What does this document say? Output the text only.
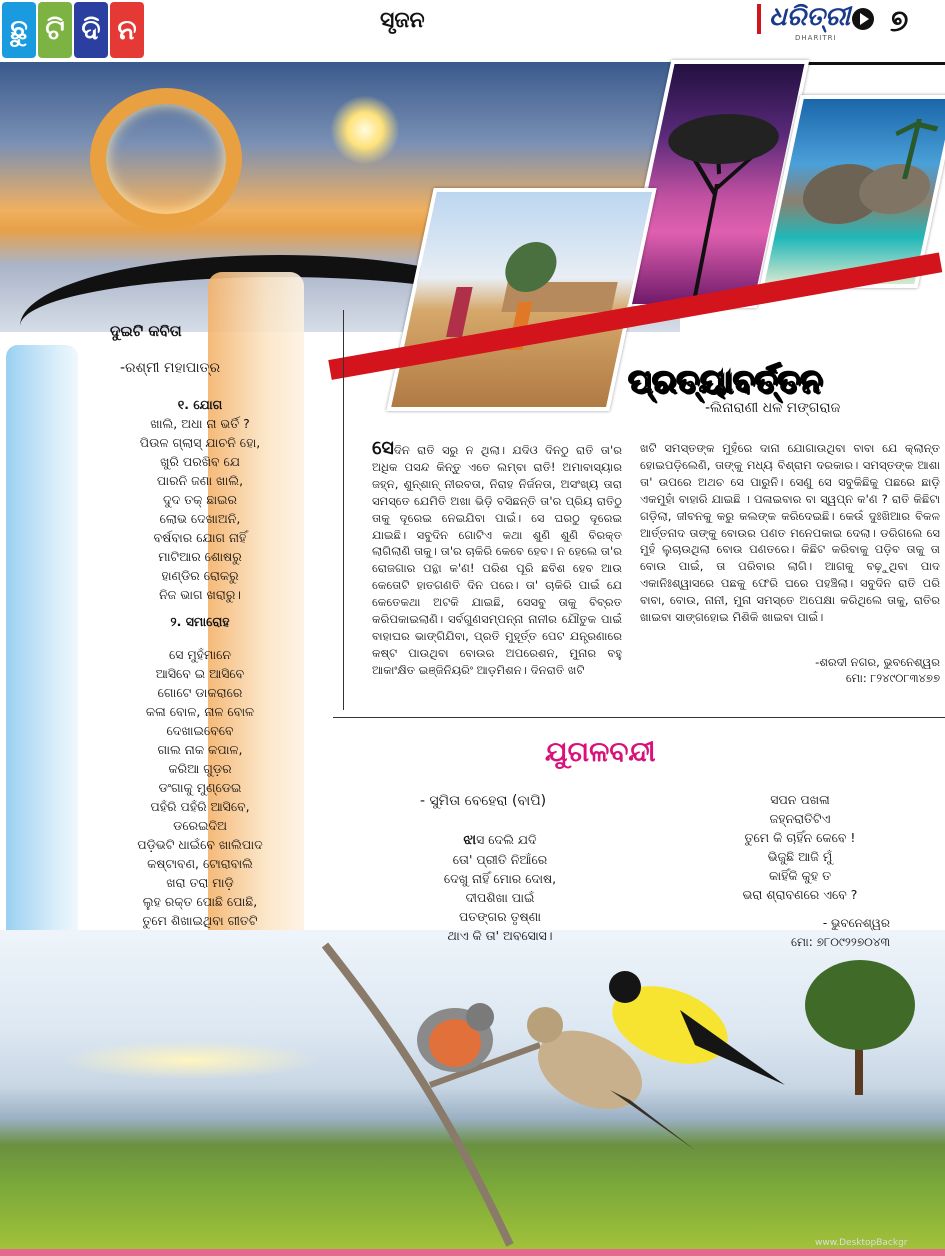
ଛୁ ଟି ଦି ନ	ସୃଜନ	ଧରିତ୍ରୀ
DHARITRI ୭
ଦୁଇଟି କବିତା
-ରଶ୍ମୀ ମହାପାତ୍ର
୧. ଯୋଗ
ଖାଲି, ଅଧା ନା ଭର୍ତି ?
ପିଉଳ ଗ୍ଲାସ୍ ଯାଚନି ହୋ,
ଖୁରି ପରଖିବ ଯେ
ପାରନି ଜଣା ଖାଲି,
ଦୁଦ ତକ୍ ଛାଇର
ଲୋଭ ଦେଖାଅନି,
ବର୍ଷବାର ଯୋଗ ନାହିଁ
ମାଟିଆର ଶୋଷରୁ
ହାଣ୍ଡିର ରୋକରୁ
ନିଜ ଭାଗ ଖରାରୁ।
୨. ସମାରୋହ
ସେ ମୁହଁମାନେ
ଆସିବେ ଇ ଆସିବେ
ଗୋଟେ ଡାକରାରେ
କଳା ବୋଳ, ନାଳ ବୋଳ
ଦେଖାଇବେବେ
ଗାଲ ନାକ କପାଳ,
କରିଆ ଗୁଡ଼ର
ଡଂଗାକୁ ମୁଣ୍ଡେଇ
ପହଁରି ପହଁରି ଆସିବେ,
ଡରେଇଦିଅ
ପଡ଼ିଭଟି ଧାଇଁବେ ଖାଲିପାଦ
କଷ୍ଟାବଣ, ଟୋରାବାଲି
ଖରା ତରା ମାଡ଼ି
ଲୁହ ରକ୍ତ ପୋଛି ପୋଛି,
ତୁମେ ଶିଖାଇଥିବା ଗୀତଟି
ପ୍ରତ୍ୟାବର୍ତ୍ତନ
-ଲିନାରାଣୀ ଧଳ ମଙ୍ଗରାଜ
ସେଦିନ ରାତି ସରୁ ନ ଥିଲା। ଯଦିଓ ଦିନଠୁ ରାତି ତା'ର ଅଧିକ ପସନ୍ଦ କିନ୍ତୁ ଏତେ ଲମ୍ବା ରାତି! ଅମାବାସ୍ୟାର ଜହ୍ନ, ଶୁନ୍‌ଶାନ୍ ନୀରବତା, ନିରାହ ନିର୍ଜନତା, ଅସଂଖ୍ୟ ତାରା ସମସ୍ତେ ଯେମିତି ଅଖା ଭିଡ଼ି ବସିଛନ୍ତି ତା'ର ପ୍ରିୟ ରାତିଠୁ ତାକୁ ଦୂରେଇ ନେଇଯିବା ପାଇଁ। ସେ ଘରଠୁ ଦୂରେଇ ଯାଇଛି। ସବୁଦିନ ଗୋଟିଏ କଥା ଶୁଣି ଶୁଣି ବିରକ୍ତ ଲାଗିଲାଣି ତାକୁ। ତା'ର ଚାକିରି କେବେ ହେବ। ନ ହେଲେ ତା'ର ରୋଜଗାର ପନ୍ଥା କ'ଣ! ପରିଶ ପୂରି ଛବିଶ ହେବ ଆଉ କେତୋଟି ହାତଗଣତି ଦିନ ପରେ। ତା' ଚାକିରି ପାଇଁ ଯେ କେତେକଥା ଅଟକି ଯାଇଛି, ସେସବୁ ତାକୁ ବିବ୍ରତ କରିପକାଇଲାଣି। ସର୍ବଗୁଣସମ୍ପନ୍ନା ନାନୀର ଯୌତୁକ ପାଇଁ ବାହାଘର ଭାଙ୍ଗିଯିବା, ପ୍ରତି ମୁହୂର୍ତ୍ତ ପେଟ ଯନ୍ତ୍ରଣାରେ କଷ୍ଟ ପାଉଥିବା ବୋଉର ଅପରେଶନ, ମୁନାର ବହୁ ଆକାଂକ୍ଷିତ ଇଞ୍ଜିନିୟରିଂ ଆଡ଼ମିଶନ। ଦିନରାତି ଖଟି
ଖଟି ସମସ୍ତଙ୍କ ମୁହଁରେ ଦାନା ଯୋଗାଉଥିବା ବାବା ଯେ କ୍ଲାନ୍ତ ହୋଇପଡ଼ିଲେଣି, ତାଙ୍କୁ ମଧ୍ୟ ବିଶ୍ରାମ ଦରକାର। ସମସ୍ତଙ୍କ ଆଶା ତା' ଉପରେ ଅଥଚ ସେ ପାରୁନି। ସେଣୁ ସେ ସବୁକିଛିକୁ ପଛରେ ଛାଡ଼ି ଏକମୁହାଁ ବାହାରି ଯାଇଛି । ପଳାଇବାର ବା ସ୍ୱପ୍ନ କ'ଣ ? ରାତି କିଛିଟା ଗଡ଼ିଲା, ଜୀବନକୁ କରୁ କଲଙ୍କ କରିଦେଇଛି। କେଉଁ ଦୁଃଖିଆର ବିକଳ ଆର୍ତ୍ତନାଦ ତାଙ୍କୁ ବୋଉର ପଣତ ମନେପକାଇ ଦେଲା। ଡରିଗଲେ ସେ ମୁହଁ ଲୁଚାଉଥିଲା ବୋଉ ପଣତରେ। କିଛିଟ କରିବାକୁ ପଡ଼ିବ ତାକୁ ତା ବୋଉ ପାଇଁ, ତା ପରିବାର ଲାଗି। ଆଗକୁ ବଢ଼ୁଥିବା ପାଦ ଏକାନିଃଶ୍ୱାସରେ ପଛକୁ ଫେରି ଘରେ ପହଞ୍ଚିଲା। ସବୁଦିନ ରାତି ପରି ବାବା, ବୋଉ, ନାନୀ, ମୁନା ସମସ୍ତେ ଅପେକ୍ଷା କରିଥିଲେ ତାକୁ, ରାତିର ଖାଇବା ସାଙ୍ଗହୋଇ ମିଶିକି ଖାଇବା ପାଇଁ।
-ଶରଦୀ ନଗର, ଭୁବନେଶ୍ୱର
ମୋ: ୮୨୪୯୦୮୩୪୭୭
ଯୁଗଳବନ୍ଦୀ
- ସୁମିତା ବେହେରା (ବାପି)
ଝାସ ଦେଲି ଯଦି
ତୋ' ପ୍ରୀତି ନିଆଁରେ
ଦେଖୁ ନାହିଁ ମୋର ଦୋଷ,
ଦୀପଶିଖା ପାଇଁ
ପତଙ୍ଗର ତୃଷ୍ଣା
ଥାଏ କି ତା' ଅବସୋସ।
ସପନ ପଖଳା
ଜହ୍ନରାତିଟିଏ
ତୁମେ କି ଚାହିଁନ କେବେ !
ଭିଜୁଛି ଆଜି ମୁଁ
କାହିଁକି କୁହ ତ
ଭରା ଶ୍ରାବଣରେ ଏବେ ?
- ଭୁବନେଶ୍ୱର
ମୋ: ୭୮୦୯୨୨୭୦୪୩
www.DesktopBackgr
